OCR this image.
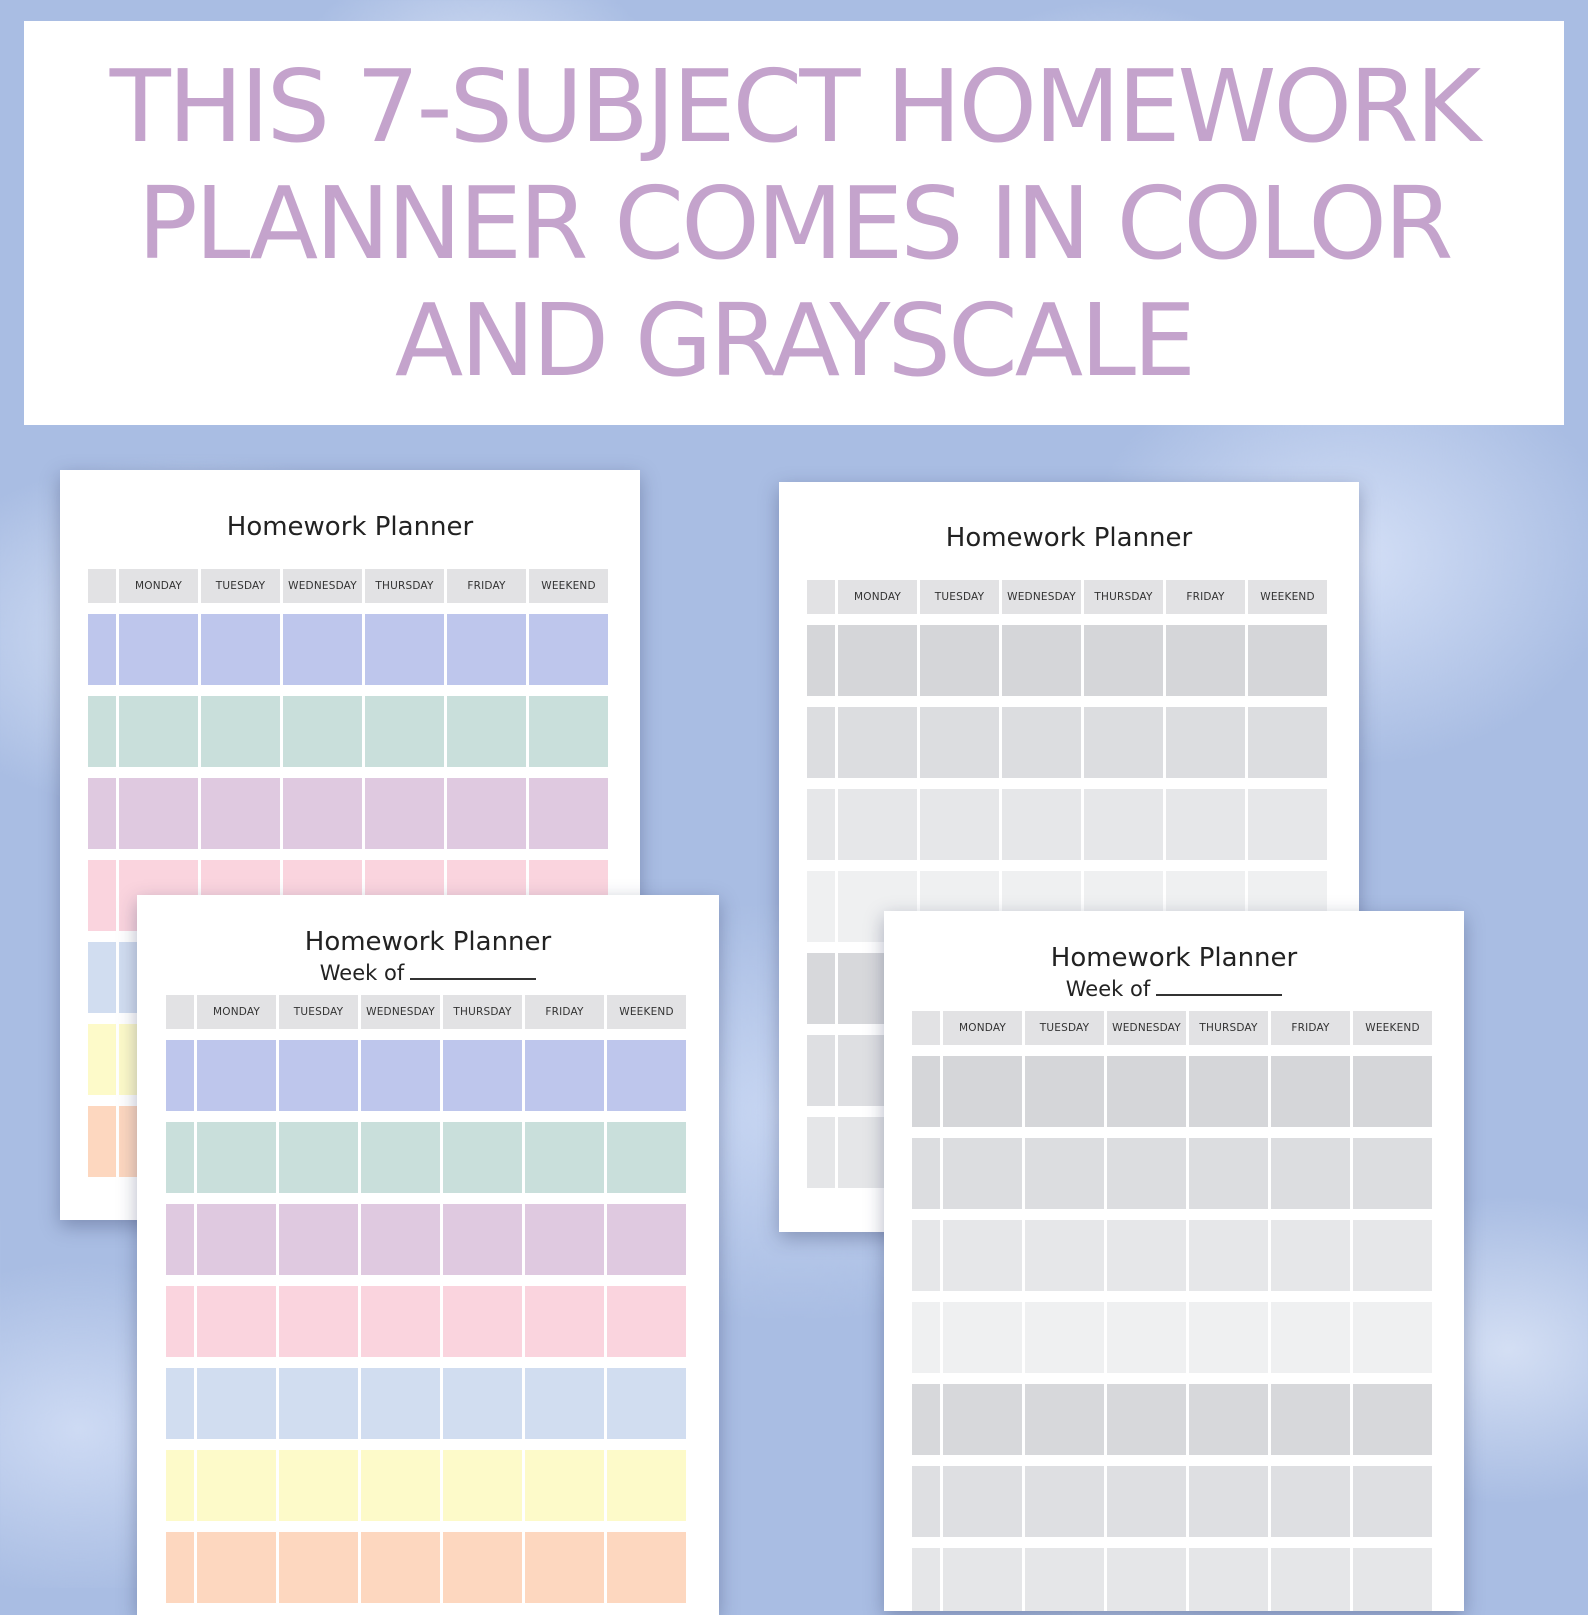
THIS 7-SUBJECT HOMEWORK
PLANNER COMES IN COLOR
AND GRAYSCALE
Homework Planner
MONDAY	TUESDAY	WEDNESDAY	THURSDAY	FRIDAY	WEEKEND
Homework Planner
MONDAY	TUESDAY	WEDNESDAY	THURSDAY	FRIDAY	WEEKEND
Homework Planner
Week of
MONDAY	TUESDAY	WEDNESDAY	THURSDAY	FRIDAY	WEEKEND
Homework Planner
Week of
MONDAY	TUESDAY	WEDNESDAY	THURSDAY	FRIDAY	WEEKEND
